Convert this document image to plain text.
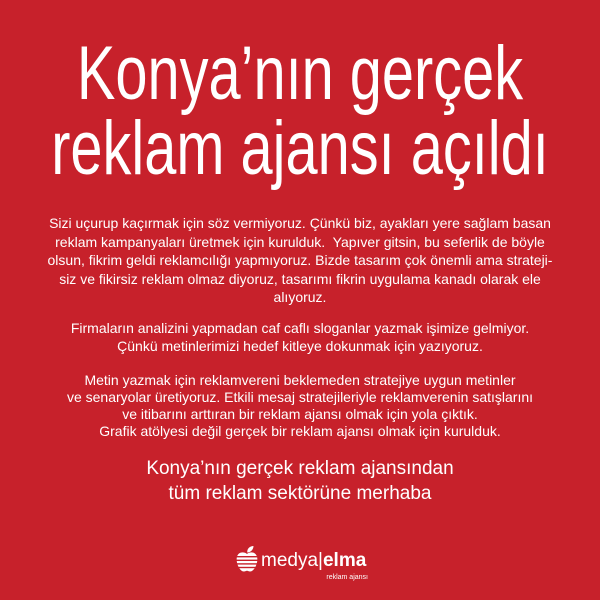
Konya’nın gerçek
reklam ajansı açıldı
Sizi uçurup kaçırmak için söz vermiyoruz. Çünkü biz, ayakları yere sağlam basan
reklam kampanyaları üretmek için kurulduk.  Yapıver gitsin, bu seferlik de böyle
olsun, fikrim geldi reklamcılığı yapmıyoruz. Bizde tasarım çok önemli ama strateji-
siz ve fikirsiz reklam olmaz diyoruz, tasarımı fikrin uygulama kanadı olarak ele
alıyoruz.
Firmaların analizini yapmadan caf caflı sloganlar yazmak işimize gelmiyor.
Çünkü metinlerimizi hedef kitleye dokunmak için yazıyoruz.
Metin yazmak için reklamvereni beklemeden stratejiye uygun metinler
ve senaryolar üretiyoruz. Etkili mesaj stratejileriyle reklamverenin satışlarını
ve itibarını arttıran bir reklam ajansı olmak için yola çıktık.
Grafik atölyesi değil gerçek bir reklam ajansı olmak için kurulduk.
Konya’nın gerçek reklam ajansından
tüm reklam sektörüne merhaba
medya | elma
reklam ajansı
